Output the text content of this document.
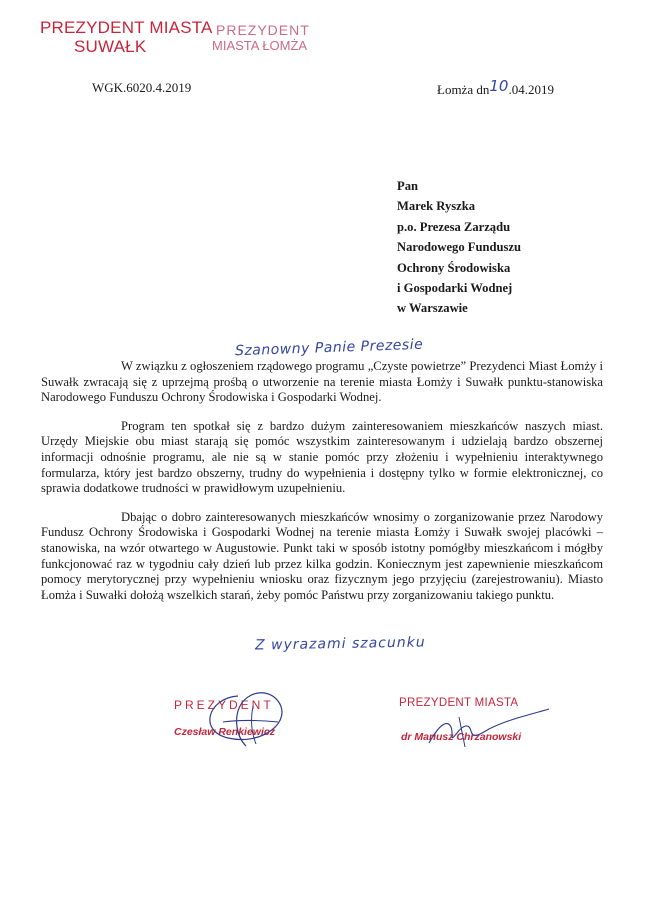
PREZYDENT MIASTA
SUWAŁK
PREZYDENT
MIASTA ŁOMŻA
WGK.6020.4.2019	Łomża dn10.04.2019
Pan
Marek Ryszka
p.o. Prezesa Zarządu
Narodowego Funduszu
Ochrony Środowiska
i Gospodarki Wodnej
w Warszawie
Szanowny Panie Prezesie

W związku z ogłoszeniem rządowego programu „Czyste powietrze” Prezydenci Miast Łomży i Suwałk zwracają się z uprzejmą prośbą o utworzenie na terenie miasta Łomży i Suwałk punktu-stanowiska Narodowego Funduszu Ochrony Środowiska i Gospodarki Wodnej.

Program ten spotkał się z bardzo dużym zainteresowaniem mieszkańców naszych miast. Urzędy Miejskie obu miast starają się pomóc wszystkim zainteresowanym i udzielają bardzo obszernej informacji odnośnie programu, ale nie są w stanie pomóc przy złożeniu i wypełnieniu interaktywnego formularza, który jest bardzo obszerny, trudny do wypełnienia i dostępny tylko w formie elektronicznej, co sprawia dodatkowe trudności w prawidłowym uzupełnieniu.

Dbając o dobro zainteresowanych mieszkańców wnosimy o zorganizowanie przez Narodowy Fundusz Ochrony Środowiska i Gospodarki Wodnej na terenie miasta Łomży i Suwałk swojej placówki – stanowiska, na wzór otwartego w Augustowie. Punkt taki w sposób istotny pomógłby mieszkańcom i mógłby funkcjonować raz w tygodniu cały dzień lub przez kilka godzin. Koniecznym jest zapewnienie mieszkańcom pomocy merytorycznej przy wypełnieniu wniosku oraz fizycznym jego przyjęciu (zarejestrowaniu). Miasto Łomża i Suwałki dołożą wszelkich starań, żeby pomóc Państwu przy zorganizowaniu takiego punktu.

Z wyrazami szacunku
PREZYDENT
Czesław Renkiewicz
PREZYDENT MIASTA
dr Mariusz Chrzanowski
